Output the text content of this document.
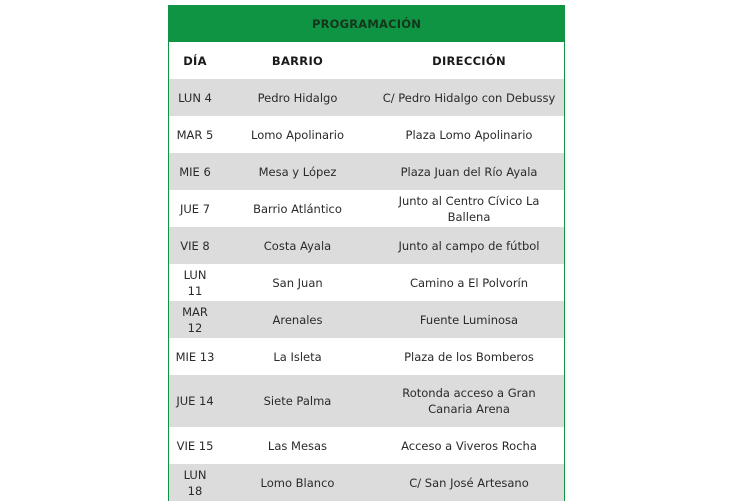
PROGRAMACIÓN
DÍA	BARRIO	DIRECCIÓN
LUN 4	Pedro Hidalgo	C/ Pedro Hidalgo con Debussy
MAR 5	Lomo Apolinario	Plaza Lomo Apolinario
MIE 6	Mesa y López	Plaza Juan del Río Ayala
JUE 7	Barrio Atlántico	Junto al Centro Cívico La Ballena
VIE 8	Costa Ayala	Junto al campo de fútbol
LUN 11	San Juan	Camino a El Polvorín
MAR 12	Arenales	Fuente Luminosa
MIE 13	La Isleta	Plaza de los Bomberos
JUE 14	Siete Palma	Rotonda acceso a Gran Canaria Arena
VIE 15	Las Mesas	Acceso a Viveros Rocha
LUN 18	Lomo Blanco	C/ San José Artesano
